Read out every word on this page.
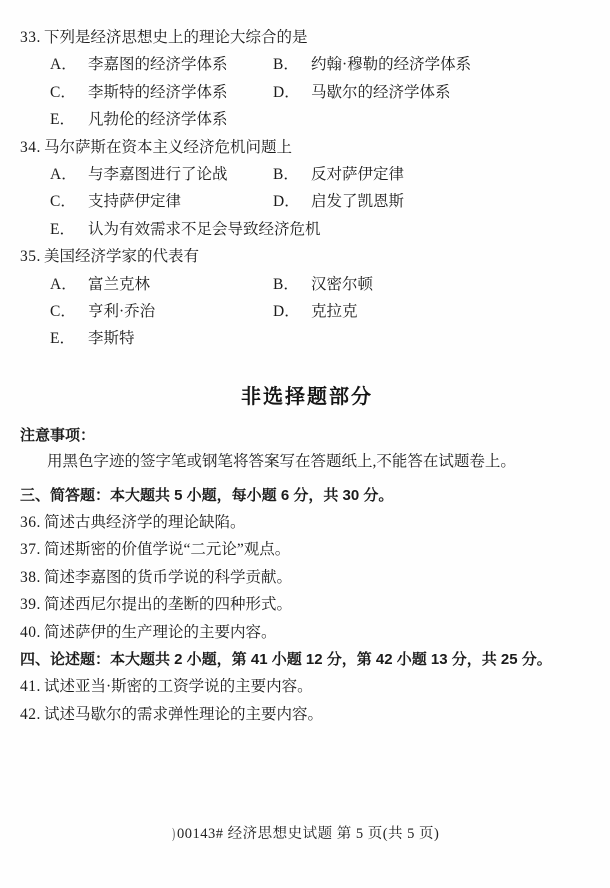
33. 下列是经济思想史上的理论大综合的是
A． 李嘉图的经济学体系	B． 约翰·穆勒的经济学体系
C． 李斯特的经济学体系	D． 马歇尔的经济学体系
E． 凡勃伦的经济学体系
34. 马尔萨斯在资本主义经济危机问题上
A． 与李嘉图进行了论战	B． 反对萨伊定律
C． 支持萨伊定律	D． 启发了凯恩斯
E． 认为有效需求不足会导致经济危机
35. 美国经济学家的代表有
A． 富兰克林	B． 汉密尔顿
C． 亨利·乔治	D． 克拉克
E． 李斯特
非选择题部分
注意事项：
用黑色字迹的签字笔或钢笔将答案写在答题纸上,不能答在试题卷上。
三、简答题：本大题共 5 小题，每小题 6 分，共 30 分。
36. 简述古典经济学的理论缺陷。
37. 简述斯密的价值学说“二元论”观点。
38. 简述李嘉图的货币学说的科学贡献。
39. 简述西尼尔提出的垄断的四种形式。
40. 简述萨伊的生产理论的主要内容。
四、论述题：本大题共 2 小题，第 41 小题 12 分，第 42 小题 13 分，共 25 分。
41. 试述亚当·斯密的工资学说的主要内容。
42. 试述马歇尔的需求弹性理论的主要内容。
) 00143# 经济思想史试题 第 5 页(共 5 页)
